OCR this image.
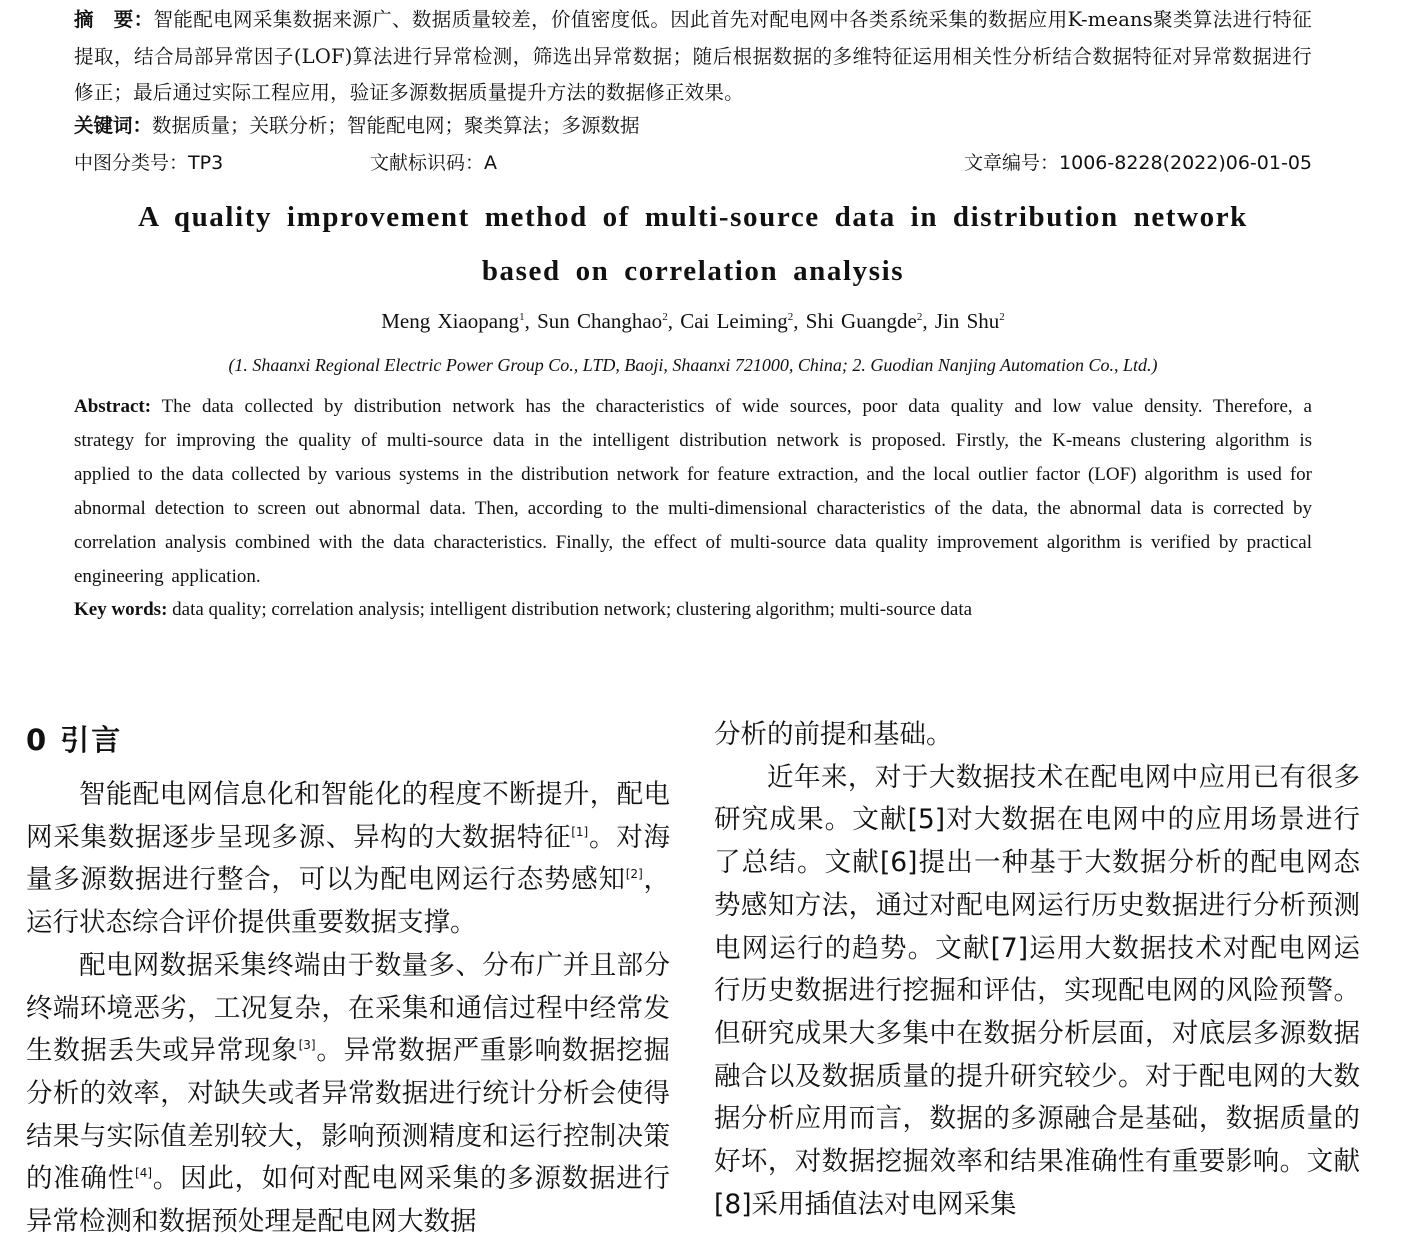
摘　要：智能配电网采集数据来源广、数据质量较差，价值密度低。因此首先对配电网中各类系统采集的数据应用K-means聚类算法进行特征提取，结合局部异常因子(LOF)算法进行异常检测，筛选出异常数据；随后根据数据的多维特征运用相关性分析结合数据特征对异常数据进行修正；最后通过实际工程应用，验证多源数据质量提升方法的数据修正效果。

关键词：数据质量；关联分析；智能配电网；聚类算法；多源数据

中图分类号：TP3	文献标识码：A	文章编号：1006-8228(2022)06-01-05

A quality improvement method of multi-source data in distribution network
based on correlation analysis

Meng Xiaopang$^1$, Sun Changhao$^2$, Cai Leiming$^2$, Shi Guangde$^2$, Jin Shu$^2$

(1. Shaanxi Regional Electric Power Group Co., LTD, Baoji, Shaanxi 721000, China; 2. Guodian Nanjing Automation Co., Ltd.)

Abstract: The data collected by distribution network has the characteristics of wide sources, poor data quality and low value density. Therefore, a strategy for improving the quality of multi-source data in the intelligent distribution network is proposed. Firstly, the K-means clustering algorithm is applied to the data collected by various systems in the distribution network for feature extraction, and the local outlier factor (LOF) algorithm is used for abnormal detection to screen out abnormal data. Then, according to the multi-dimensional characteristics of the data, the abnormal data is corrected by correlation analysis combined with the data characteristics. Finally, the effect of multi-source data quality improvement algorithm is verified by practical engineering application.

Key words: data quality; correlation analysis; intelligent distribution network; clustering algorithm; multi-source data

0 引言

智能配电网信息化和智能化的程度不断提升，配电网采集数据逐步呈现多源、异构的大数据特征[1]。对海量多源数据进行整合，可以为配电网运行态势感知[2]，运行状态综合评价提供重要数据支撑。

配电网数据采集终端由于数量多、分布广并且部分终端环境恶劣，工况复杂，在采集和通信过程中经常发生数据丢失或异常现象[3]。异常数据严重影响数据挖掘分析的效率，对缺失或者异常数据进行统计分析会使得结果与实际值差别较大，影响预测精度和运行控制决策的准确性[4]。因此，如何对配电网采集的多源数据进行异常检测和数据预处理是配电网大数据

分析的前提和基础。

近年来，对于大数据技术在配电网中应用已有很多研究成果。文献[5]对大数据在电网中的应用场景进行了总结。文献[6]提出一种基于大数据分析的配电网态势感知方法，通过对配电网运行历史数据进行分析预测电网运行的趋势。文献[7]运用大数据技术对配电网运行历史数据进行挖掘和评估，实现配电网的风险预警。但研究成果大多集中在数据分析层面，对底层多源数据融合以及数据质量的提升研究较少。对于配电网的大数据分析应用而言，数据的多源融合是基础，数据质量的好坏，对数据挖掘效率和结果准确性有重要影响。文献[8]采用插值法对电网采集
